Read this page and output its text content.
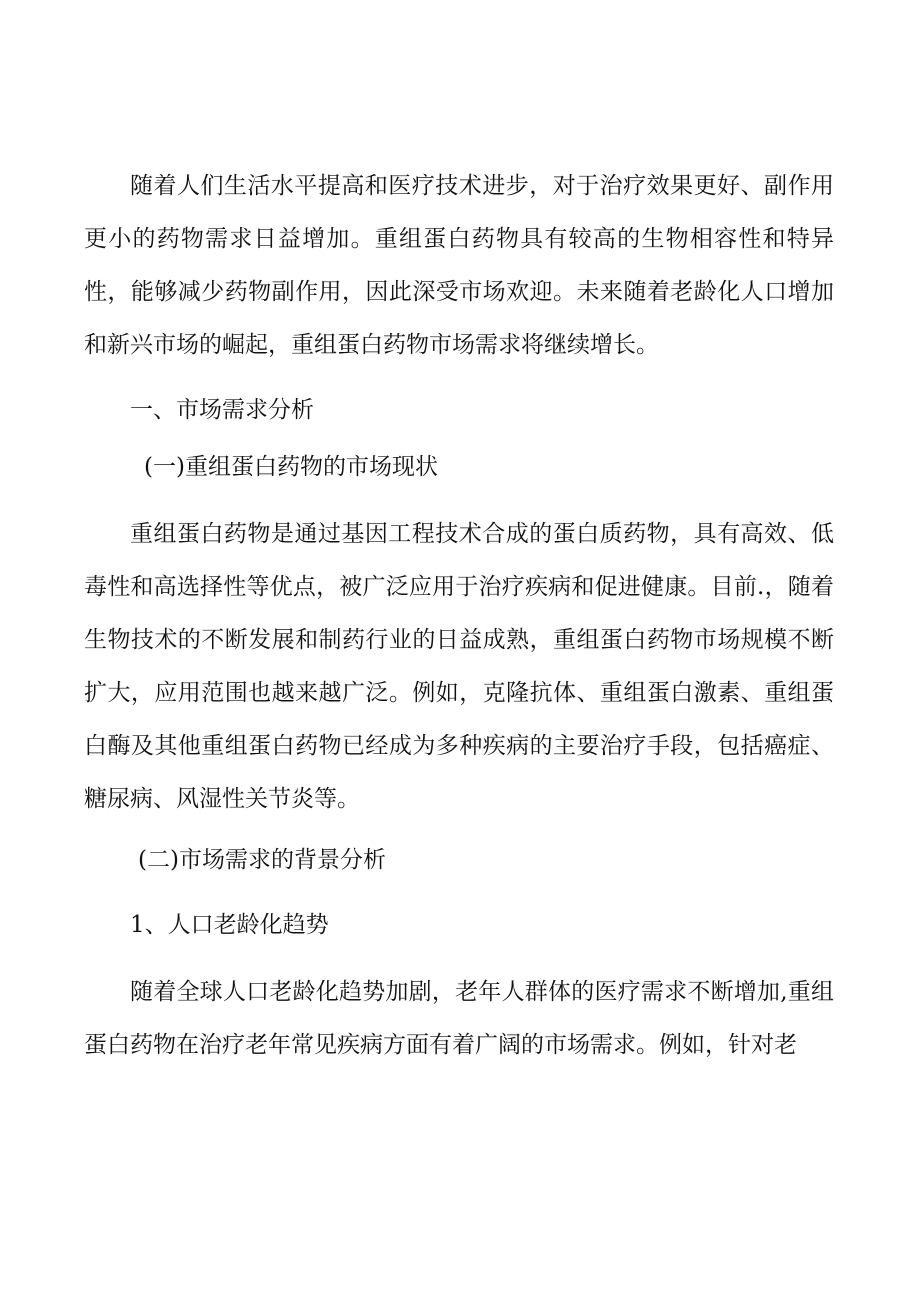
随着人们生活水平提高和医疗技术进步，对于治疗效果更好、副作用更小的药物需求日益增加。重组蛋白药物具有较高的生物相容性和特异性，能够减少药物副作用，因此深受市场欢迎。未来随着老龄化人口增加和新兴市场的崛起，重组蛋白药物市场需求将继续增长。

一、市场需求分析

(一)重组蛋白药物的市场现状

重组蛋白药物是通过基因工程技术合成的蛋白质药物，具有高效、低毒性和高选择性等优点，被广泛应用于治疗疾病和促进健康。目前.，随着生物技术的不断发展和制药行业的日益成熟，重组蛋白药物市场规模不断扩大，应用范围也越来越广泛。例如，克隆抗体、重组蛋白激素、重组蛋白酶及其他重组蛋白药物已经成为多种疾病的主要治疗手段，包括癌症、糖尿病、风湿性关节炎等。

(二)市场需求的背景分析

1、人口老龄化趋势

随着全球人口老龄化趋势加剧，老年人群体的医疗需求不断增加,重组蛋白药物在治疗老年常见疾病方面有着广阔的市场需求。例如，针对老
